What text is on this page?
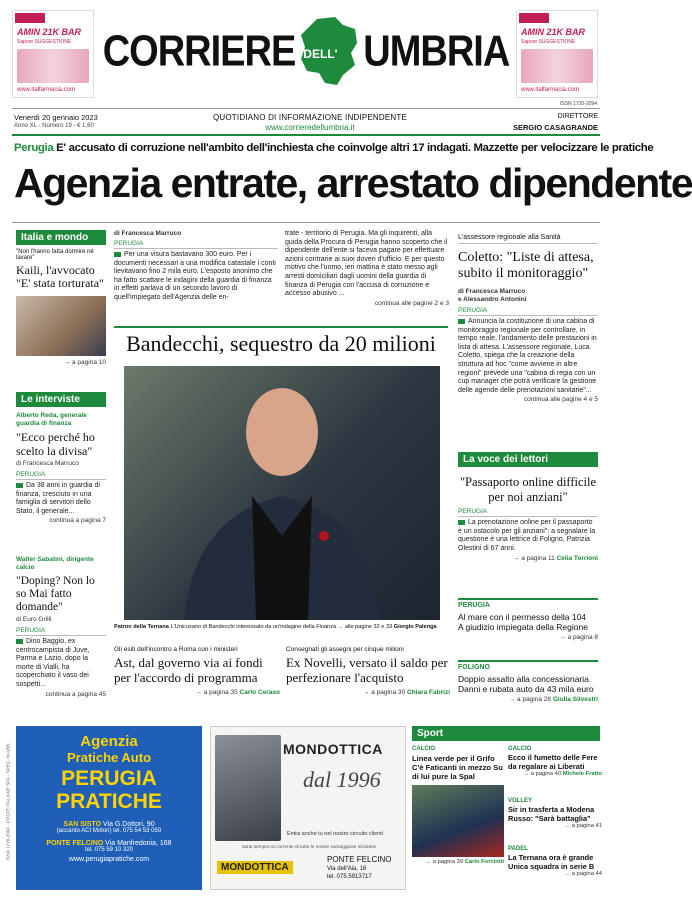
AMIN 21K BAR
Sapore SUGGESTIONE
www.italfarmacia.com
AMIN 21K BAR
Sapore SUGGESTIONE
www.italfarmacia.com
CORRIERE DELL' UMBRIA
ISSN 1720-2094
Venerdì 20 gennaio 2023
Anno XL - Numero 19 - € 1,60
QUOTIDIANO DI INFORMAZIONE INDIPENDENTE
www.corrieredellumbria.it
DIRETTORE
SERGIO CASAGRANDE
Perugia E' accusato di corruzione nell'ambito dell'inchiesta che coinvolge altri 17 indagati. Mazzette per velocizzare le pratiche
Agenzia entrate, arrestato dipendente
Italia e mondo
"Non l'hanno fatta dormire né lavare"
Kaili, l'avvocato "E' stata torturata"
→ a pagina 10
Le interviste
Alberto Reda, generale guardia di finanza
"Ecco perché ho scelto la divisa"
di Francesca Marruco
PERUGIA
Da 38 anni in guardia di finanza, cresciuto in una famiglia di servitori dello Stato, il generale...
continua a pagina 7
Walter Sabatini, dirigente calcio
"Doping? Non lo so Mai fatto domande"
di Euro Grilli
PERUGIA
Dino Baggio, ex centrocampista di Juve, Parma e Lazio, dopo la morte di Vialli, ha scoperchiato il vaso dei sospetti...
continua a pagina 45
di Francesca Marruco
PERUGIA
Per una visura bastavano 300 euro. Per i documenti necessari a una modifica catastale i conti lievitavano fino 2 mila euro. L'esposto anonimo che ha fatto scattare le indagini della guardia di finanza in effetti parlava di un secondo lavoro di quell'impiegato dell'Agenzia delle en-
trate - territorio di Perugia. Ma gli inquirenti, alla guida della Procura di Perugia hanno scoperto che il dipendente dell'ente si faceva pagare per effettuare azioni contrarie ai suoi doveri d'ufficio. E per questo motivo che l'uomo, ieri mattina è stato messo agli arresti domiciliari dagli uomini della guardia di finanza di Perugia con l'accusa di corruzione e accesso abusivo ...
continua alle pagine 2 e 3
Bandecchi, sequestro da 20 milioni
Patron della Ternana L'Unicusano di Bandecchi interessato da un'indagine della Finanza → alle pagine 32 e 33 Giorgio Palenga
Gli esiti dell'incontro a Roma con i ministeri
Ast, dal governo via ai fondi per l'accordo di programma
→ a pagina 35 Carlo Ceraso
Consegnati gli assegni per cinque milioni
Ex Novelli, versato il saldo per perfezionare l'acquisto
→ a pagina 30 Chiara Fabrizi
L'assessore regionale alla Sanità
Coletto: "Liste di attesa, subito il monitoraggio"
di Francesca Marruco
e Alessandro Antonini
PERUGIA
Annuncia la costituzione di una cabina di monitoraggio regionale per controllare, in tempo reale, l'andamento delle prestazioni in lista di attesa. L'assessore regionale, Luca Coletto, spiega che la creazione della struttura ad hoc "come avviene in altre regioni" prevede una "cabina di regia con un cup manager che potrà verificare la gestione delle agende delle prenotazioni sanitarie"...
continua alle pagine 4 e 5
La voce dei lettori
"Passaporto online difficile per noi anziani"
PERUGIA
La prenotazione online per il passaporto è un ostacolo per gli anziani": a segnalare la questione è una lettrice di Foligno, Patrizia Olestini di 67 anni.
→ a pagina 11 Celia Torrioni
PERUGIA
Al mare con il permesso della 104
A giudizio impiegata della Regione
→ a pagina 8
FOLIGNO
Doppio assalto alla concessionaria
Danni e rubata auto da 43 mila euro
→ a pagina 28 Giulia Silvestri
ISSN 1720-2094 - POSTE ITALIANE SPA - SPED. IN ABB.
Agenzia
Pratiche Auto
PERUGIA
PRATICHE
SAN SISTO Via G.Dottori, 90
(accanto ACI Motori) tel. 075 54 53 050
PONTE FELCINO Via Manfredonia, 168
tel. 075 59 10 320
www.perugiapratiche.com
MONDOTTICA
dal 1996
Entra anche tu nel nostro circuito clienti
sarai sempre al corrente di tutte le nostre vantaggiose iniziative
MONDOTTICA
PONTE FELCINO
Via dell'Aia, 16
tel. 075.5913717
Sport
CALCIO
Linea verde per il Grifo C'è Faticanti in mezzo Su di lui pure la Spal
→ a pagina 39 Carlo Forciniti
GALCIO
Ecco il fumetto delle Fere da regalare ai Liberati
→ a pagina 40 Michele Fratto
VOLLEY
Sir in trasferta a Modena Russo: "Sarà battaglia"
→ a pagina 41
PADEL
La Ternana ora è grande Unica squadra in serie B
→ a pagina 44
